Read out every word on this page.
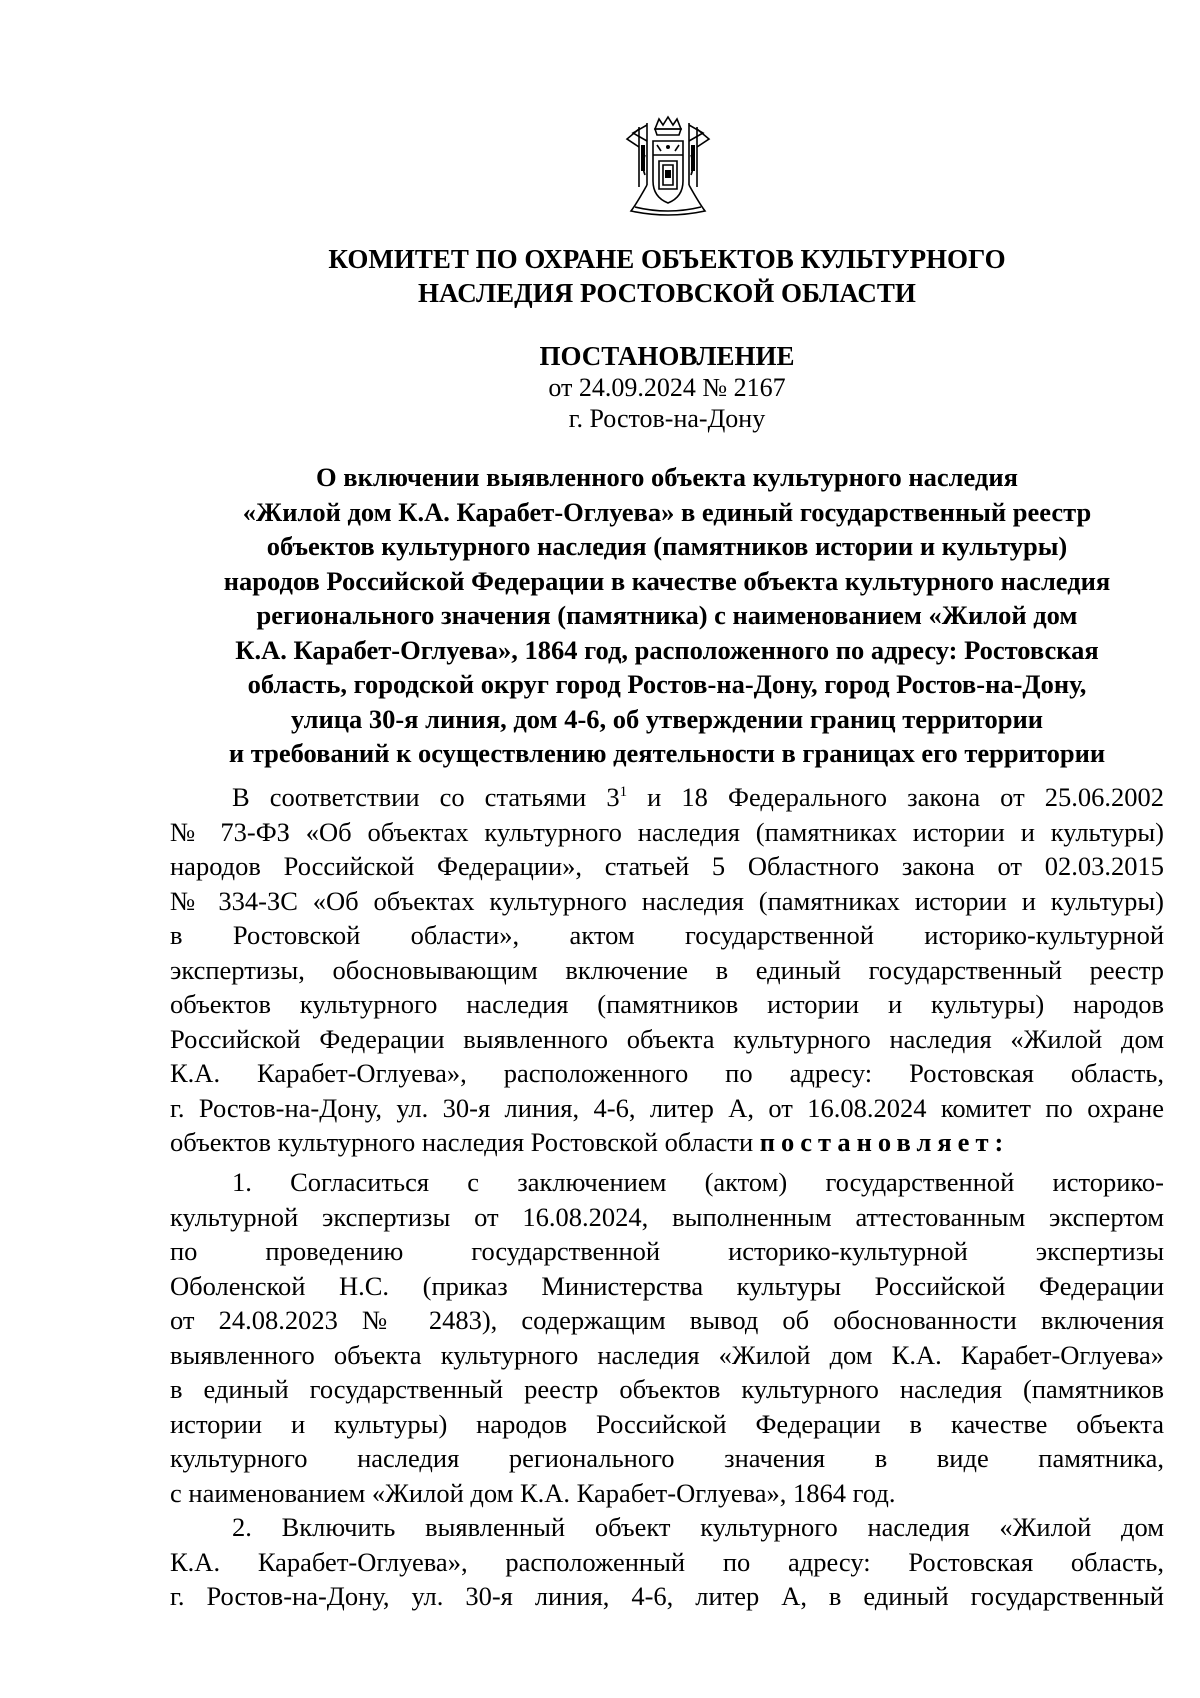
КОМИТЕТ ПО ОХРАНЕ ОБЪЕКТОВ КУЛЬТУРНОГО
НАСЛЕДИЯ РОСТОВСКОЙ ОБЛАСТИ
ПОСТАНОВЛЕНИЕ
от 24.09.2024 № 2167
г. Ростов-на-Дону
О включении выявленного объекта культурного наследия
«Жилой дом К.А. Карабет-Оглуева» в единый государственный реестр
объектов культурного наследия (памятников истории и культуры)
народов Российской Федерации в качестве объекта культурного наследия
регионального значения (памятника) с наименованием «Жилой дом
К.А. Карабет-Оглуева», 1864 год, расположенного по адресу: Ростовская
область, городской округ город Ростов-на-Дону, город Ростов-на-Дону,
улица 30-я линия, дом 4-6, об утверждении границ территории
и требований к осуществлению деятельности в границах его территории
В соответствии со статьями $3^1$ и 18 Федерального закона от 25.06.2002
№ 73-ФЗ «Об объектах культурного наследия (памятниках истории и культуры)
народов Российской Федерации», статьей 5 Областного закона от 02.03.2015
№ 334-ЗС «Об объектах культурного наследия (памятниках истории и культуры)
в Ростовской области», актом государственной историко-культурной
экспертизы, обосновывающим включение в единый государственный реестр
объектов культурного наследия (памятников истории и культуры) народов
Российской Федерации выявленного объекта культурного наследия «Жилой дом
К.А. Карабет-Оглуева», расположенного по адресу: Ростовская область,
г. Ростов-на-Дону, ул. 30-я линия, 4-6, литер А, от 16.08.2024 комитет по охране
объектов культурного наследия Ростовской области постановляет:
1. Согласиться с заключением (актом) государственной историко-
культурной экспертизы от 16.08.2024, выполненным аттестованным экспертом
по проведению государственной историко-культурной экспертизы
Оболенской Н.С. (приказ Министерства культуры Российской Федерации
от 24.08.2023 № 2483), содержащим вывод об обоснованности включения
выявленного объекта культурного наследия «Жилой дом К.А. Карабет-Оглуева»
в единый государственный реестр объектов культурного наследия (памятников
истории и культуры) народов Российской Федерации в качестве объекта
культурного наследия регионального значения в виде памятника,
с наименованием «Жилой дом К.А. Карабет-Оглуева», 1864 год.
2. Включить выявленный объект культурного наследия «Жилой дом
К.А. Карабет-Оглуева», расположенный по адресу: Ростовская область,
г. Ростов-на-Дону, ул. 30-я линия, 4-6, литер А, в единый государственный
